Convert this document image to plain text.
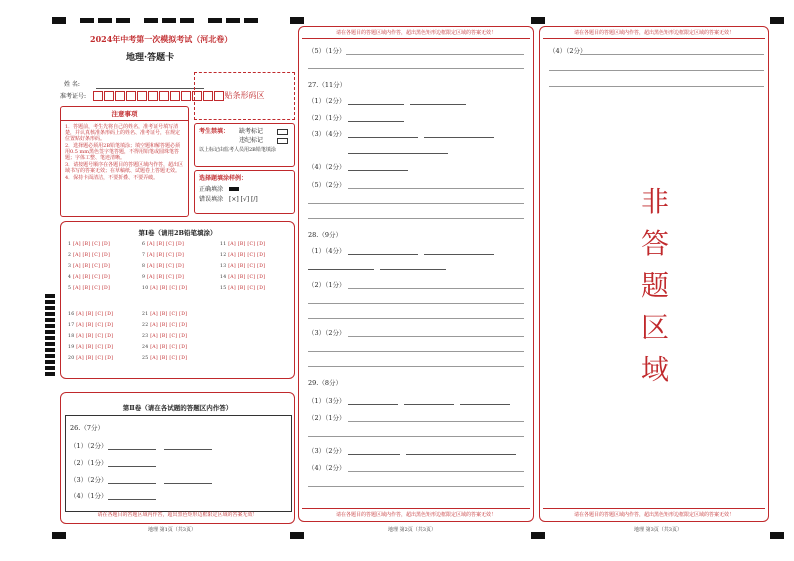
2024年中考第一次模拟考试（河北卷）
地理·答题卡
姓 名:
准考证号:	贴条形码区
注意事项
1．答题前，考生先将自己的姓名，准考证号填写清楚，并认真核准条形码上的姓名、准考证号，在规定位置贴好条形码。
2．选择题必须用2B铅笔填涂；填空题和解答题必须用0.5 mm黑色签字笔答题，不得用铅笔或圆珠笔答题；字体工整、笔迹清晰。
3．请按题号顺序在各题目的答题区域内作答，超出区域书写的答案无效；在草稿纸、试题卷上答题无效。
4．保持卡面清洁，不要折叠、不要弄破。
考生禁填： 缺考标记
违纪标记
以上标记由监考人员用2B铅笔填涂
选择题填涂样例：
正确填涂
错误填涂 [×] [√] [/]
第Ⅰ卷（请用2B铅笔填涂）
1 [A] [B] [C] [D]
2 [A] [B] [C] [D]
3 [A] [B] [C] [D]
4 [A] [B] [C] [D]
5 [A] [B] [C] [D]
6 [A] [B] [C] [D]
7 [A] [B] [C] [D]
8 [A] [B] [C] [D]
9 [A] [B] [C] [D]
10 [A] [B] [C] [D]
11 [A] [B] [C] [D]
12 [A] [B] [C] [D]
13 [A] [B] [C] [D]
14 [A] [B] [C] [D]
15 [A] [B] [C] [D]
16 [A] [B] [C] [D]
17 [A] [B] [C] [D]
18 [A] [B] [C] [D]
19 [A] [B] [C] [D]
20 [A] [B] [C] [D]
21 [A] [B] [C] [D]
22 [A] [B] [C] [D]
23 [A] [B] [C] [D]
24 [A] [B] [C] [D]
25 [A] [B] [C] [D]
第Ⅱ卷（请在各试题的答题区内作答）
26.（7分）
（1）（2分）
（2）（1分）
（3）（2分）
（4）（1分）
请在各题目的答题区域内作答，超出黑色矩形边框限定区域的答案无效！
地理 第1页（共3页）
请在各题目的答题区域内作答，超出黑色矩形边框限定区域的答案无效！
（5）（1分）
27.（11分）
（1）（2分）
（2）（1分）
（3）（4分）
（4）（2分）
（5）（2分）
28.（9分）
（1）（4分）
（2）（1分）
（3）（2分）
29.（8分）
（1）（3分）
（2）（1分）
（3）（2分）
（4）（2分）
请在各题目的答题区域内作答，超出黑色矩形边框限定区域的答案无效！
地理 第2页（共3页）
请在各题目的答题区域内作答，超出黑色矩形边框限定区域的答案无效！
（4）（2分）
非
答
题
区
域
请在各题目的答题区域内作答，超出黑色矩形边框限定区域的答案无效！
地理 第3页（共3页）
